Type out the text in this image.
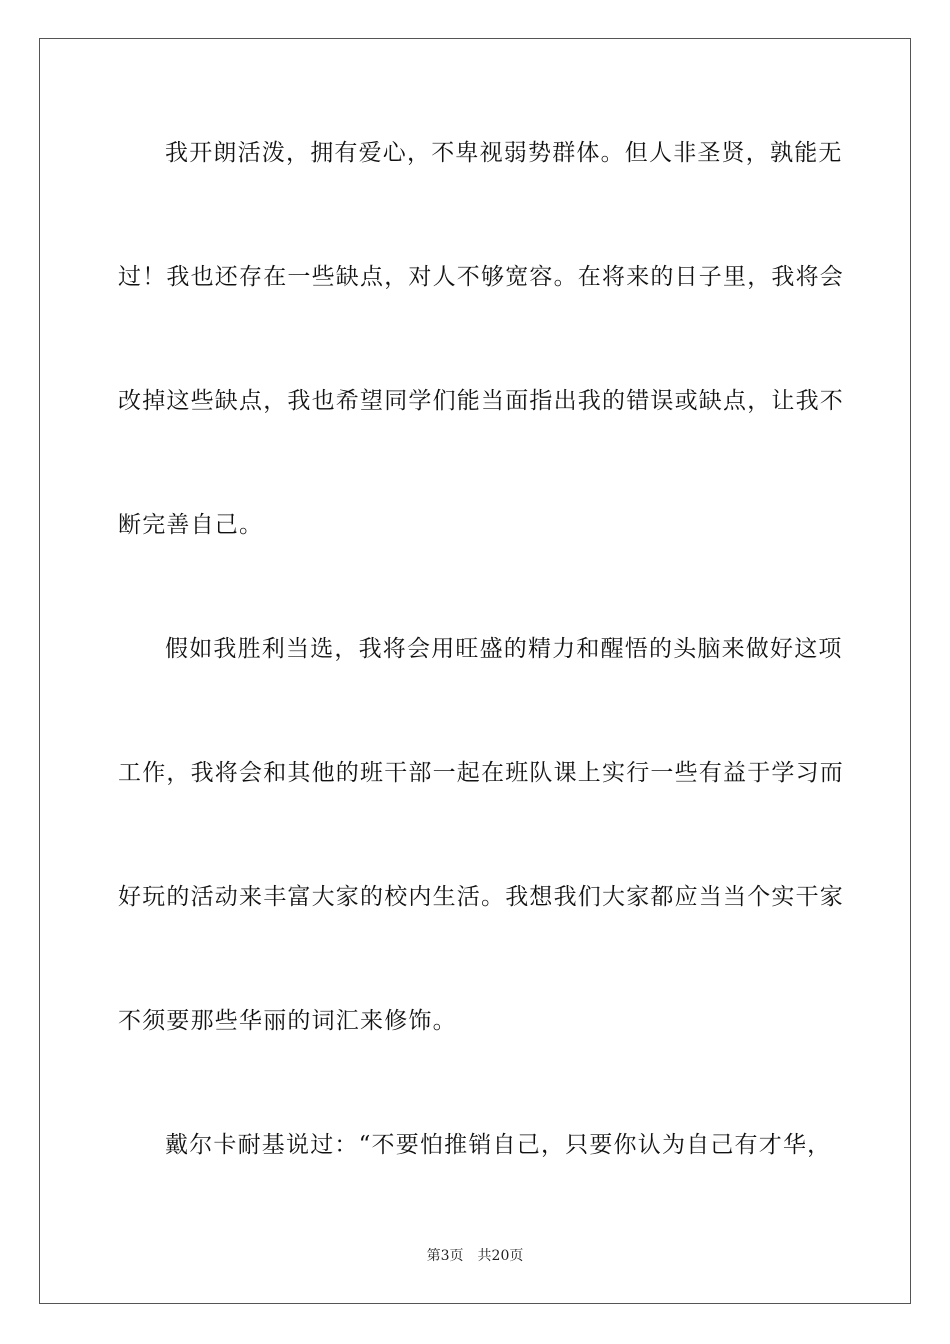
我开朗活泼，拥有爱心，不卑视弱势群体。但人非圣贤，孰能无
过！我也还存在一些缺点，对人不够宽容。在将来的日子里，我将会
改掉这些缺点，我也希望同学们能当面指出我的错误或缺点，让我不
断完善自己。
假如我胜利当选，我将会用旺盛的精力和醒悟的头脑来做好这项
工作，我将会和其他的班干部一起在班队课上实行一些有益于学习而
好玩的活动来丰富大家的校内生活。我想我们大家都应当当个实干家
不须要那些华丽的词汇来修饰。
戴尔卡耐基说过：“不要怕推销自己，只要你认为自己有才华，
第3页 共20页
